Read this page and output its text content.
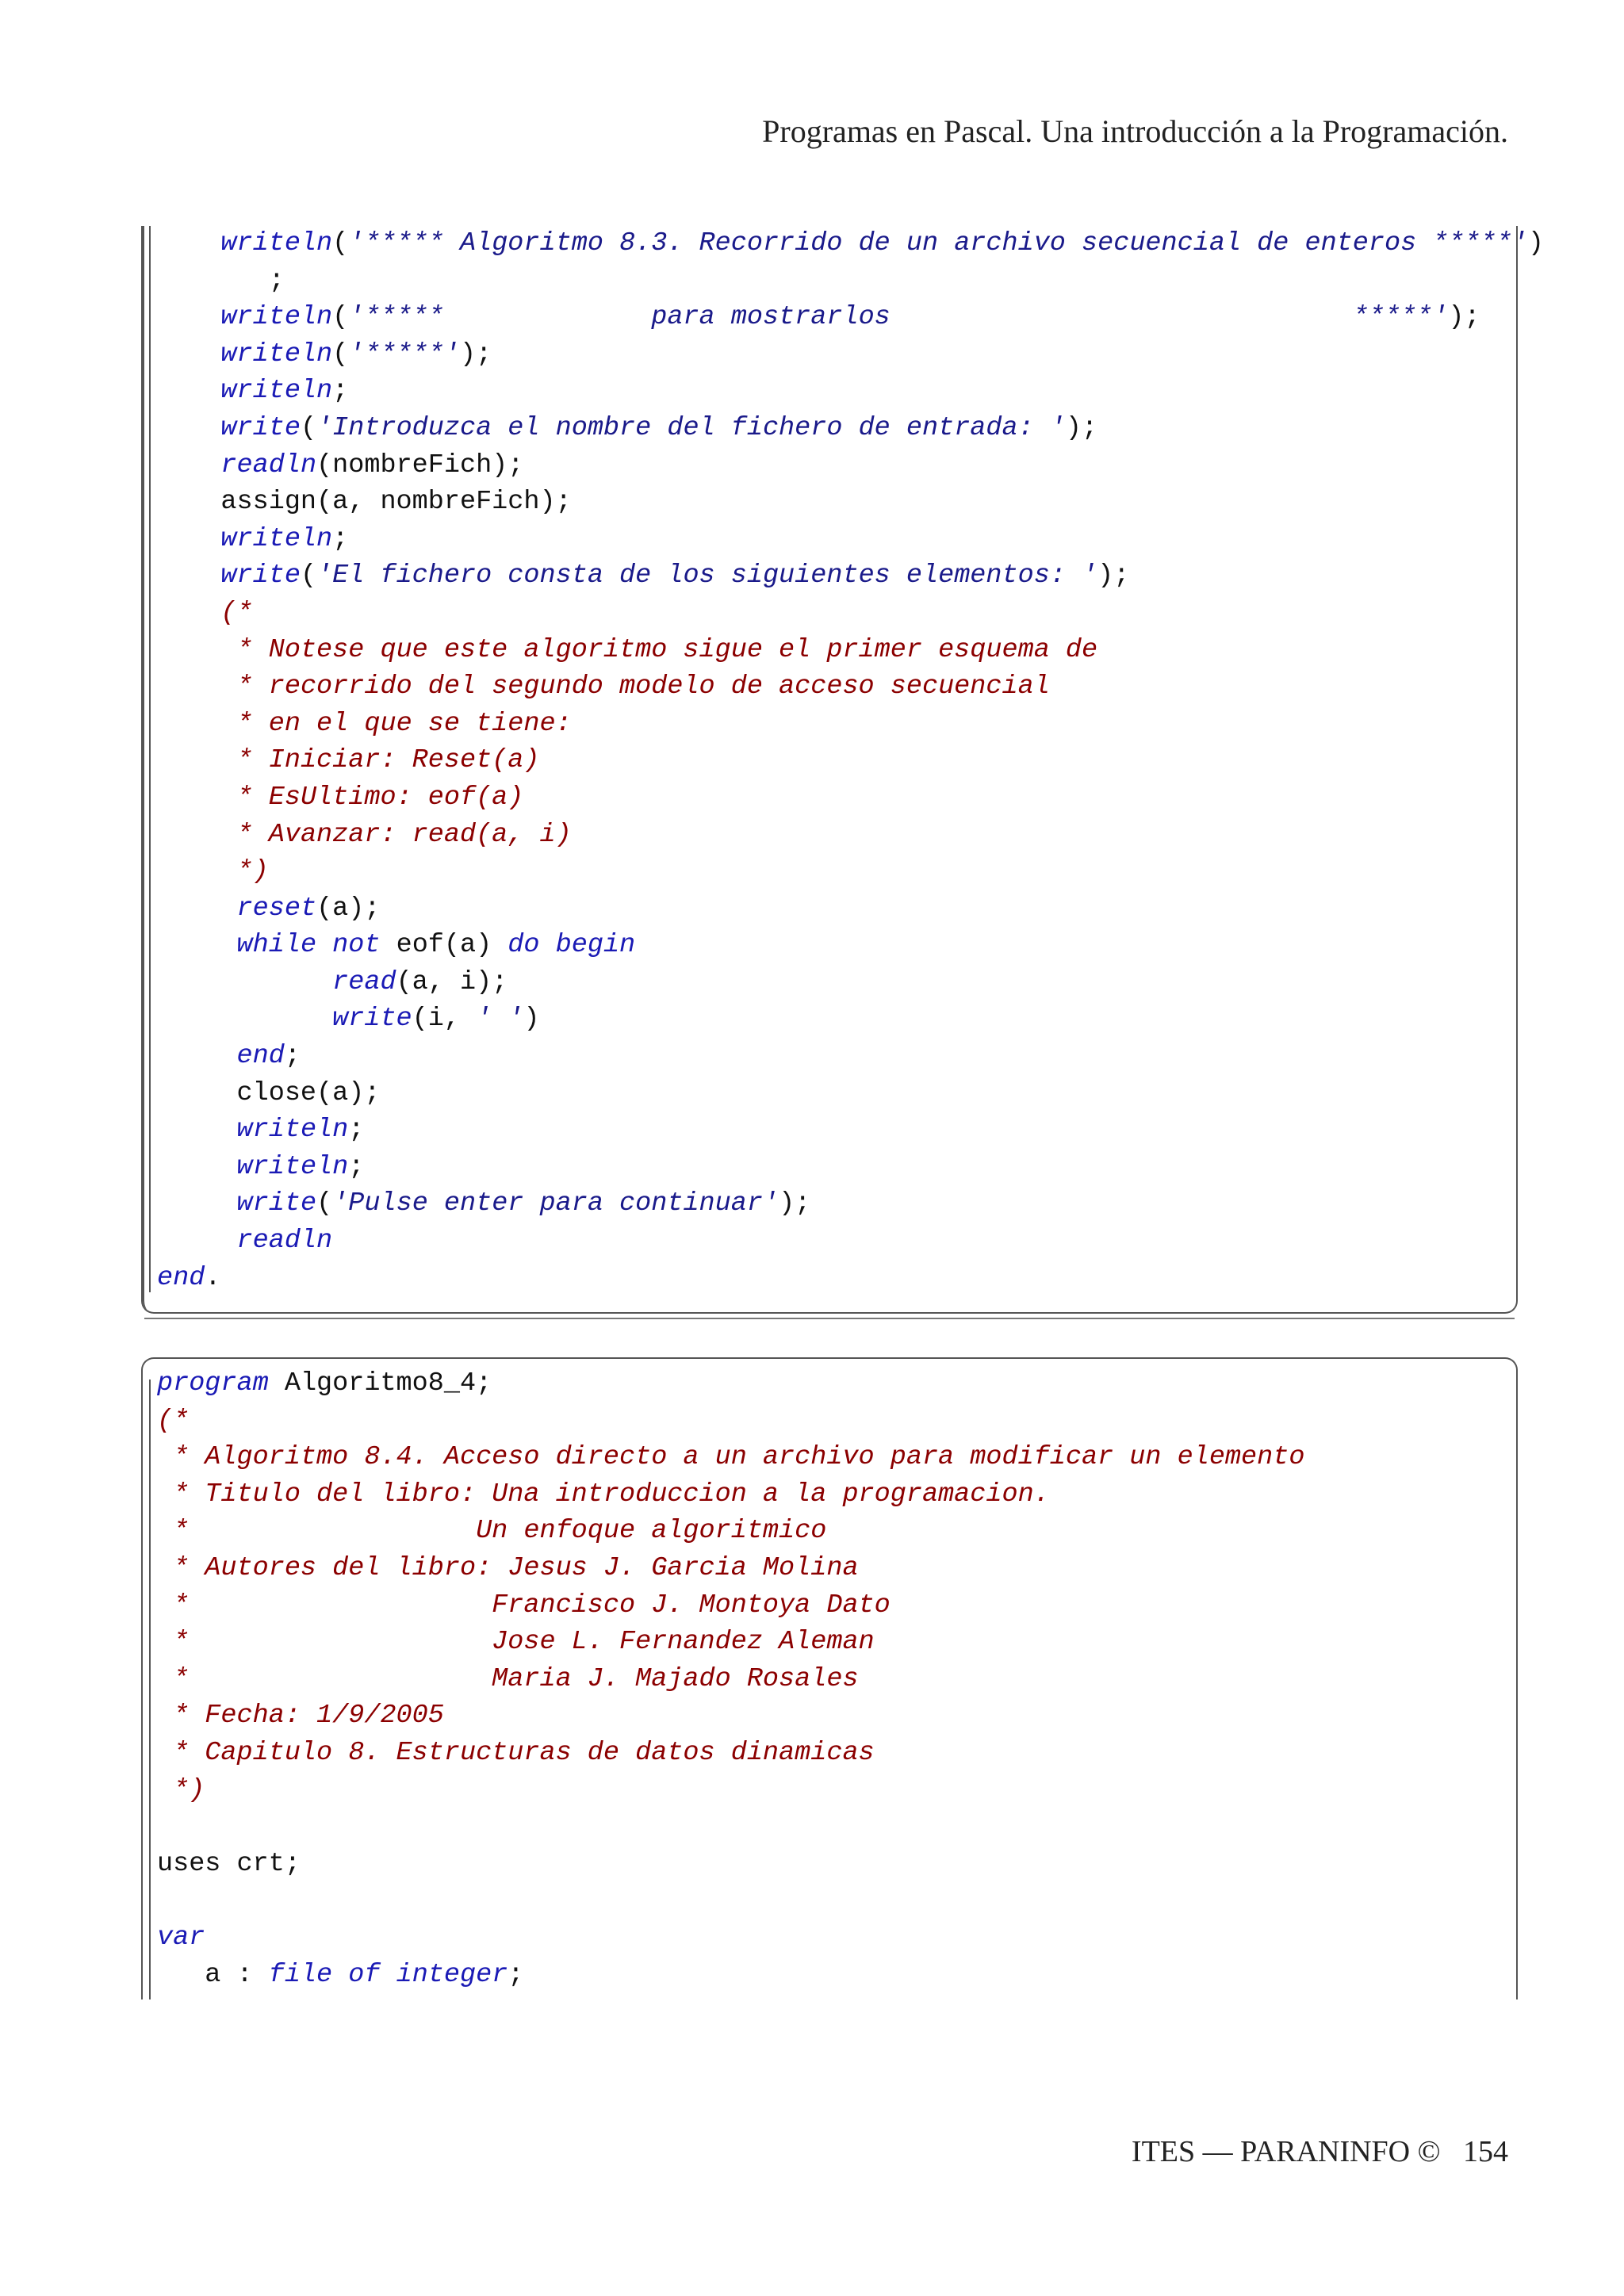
Programas en Pascal. Una introducción a la Programación.
writeln('***** Algoritmo 8.3. Recorrido de un archivo secuencial de enteros *****')
;
writeln('*****             para mostrarlos                             *****');
writeln('*****');
writeln;
write('Introduzca el nombre del fichero de entrada: ');
readln(nombreFich);
assign(a, nombreFich);
writeln;
write('El fichero consta de los siguientes elementos: ');
(*
* Notese que este algoritmo sigue el primer esquema de
* recorrido del segundo modelo de acceso secuencial
* en el que se tiene:
* Iniciar: Reset(a)
* EsUltimo: eof(a)
* Avanzar: read(a, i)
*)
reset(a);
while not eof(a) do begin
read(a, i);
write(i, ' ')
end;
close(a);
writeln;
writeln;
write('Pulse enter para continuar');
readln
end.
program Algoritmo8_4;
(*
* Algoritmo 8.4. Acceso directo a un archivo para modificar un elemento
* Titulo del libro: Una introduccion a la programacion.
*                  Un enfoque algoritmico
* Autores del libro: Jesus J. Garcia Molina
*                   Francisco J. Montoya Dato
*                   Jose L. Fernandez Aleman
*                   Maria J. Majado Rosales
* Fecha: 1/9/2005
* Capitulo 8. Estructuras de datos dinamicas
*)
uses crt;
var
a : file of integer;
ITES — PARANINFO © 154
